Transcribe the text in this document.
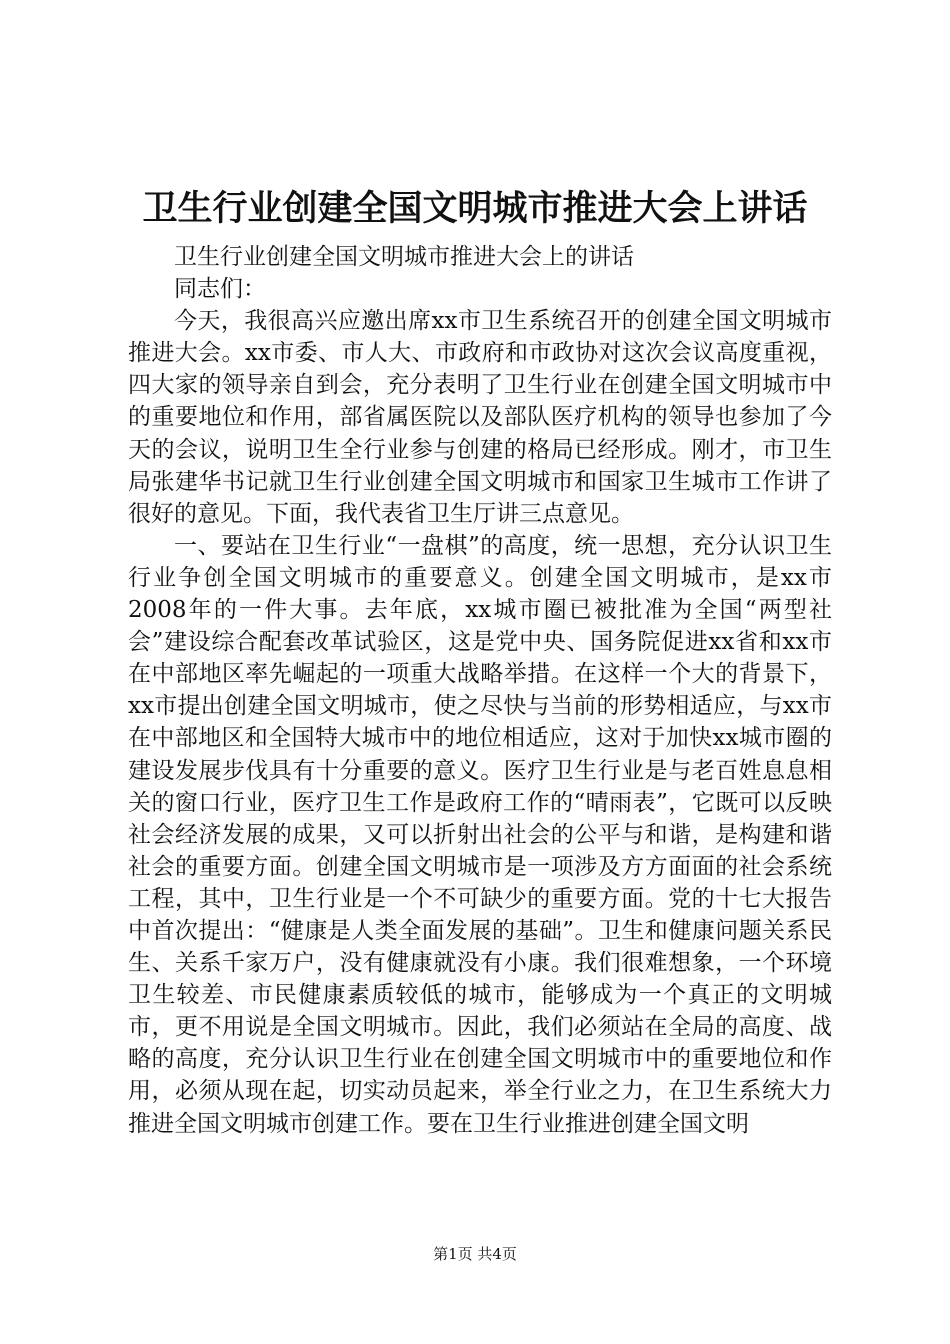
卫生行业创建全国文明城市推进大会上讲话

卫生行业创建全国文明城市推进大会上的讲话

同志们：

今天，我很高兴应邀出席xx市卫生系统召开的创建全国文明城市推进大会。xx市委、市人大、市政府和市政协对这次会议高度重视，四大家的领导亲自到会，充分表明了卫生行业在创建全国文明城市中的重要地位和作用，部省属医院以及部队医疗机构的领导也参加了今天的会议，说明卫生全行业参与创建的格局已经形成。刚才，市卫生局张建华书记就卫生行业创建全国文明城市和国家卫生城市工作讲了很好的意见。下面，我代表省卫生厅讲三点意见。

一、要站在卫生行业“一盘棋”的高度，统一思想，充分认识卫生行业争创全国文明城市的重要意义。创建全国文明城市，是xx市2008年的一件大事。去年底，xx城市圈已被批准为全国“两型社会”建设综合配套改革试验区，这是党中央、国务院促进xx省和xx市在中部地区率先崛起的一项重大战略举措。在这样一个大的背景下，xx市提出创建全国文明城市，使之尽快与当前的形势相适应，与xx市在中部地区和全国特大城市中的地位相适应，这对于加快xx城市圈的建设发展步伐具有十分重要的意义。医疗卫生行业是与老百姓息息相关的窗口行业，医疗卫生工作是政府工作的“晴雨表”，它既可以反映社会经济发展的成果，又可以折射出社会的公平与和谐，是构建和谐社会的重要方面。创建全国文明城市是一项涉及方方面面的社会系统工程，其中，卫生行业是一个不可缺少的重要方面。党的十七大报告中首次提出：“健康是人类全面发展的基础”。卫生和健康问题关系民生、关系千家万户，没有健康就没有小康。我们很难想象，一个环境卫生较差、市民健康素质较低的城市，能够成为一个真正的文明城市，更不用说是全国文明城市。因此，我们必须站在全局的高度、战略的高度，充分认识卫生行业在创建全国文明城市中的重要地位和作用，必须从现在起，切实动员起来，举全行业之力，在卫生系统大力推进全国文明城市创建工作。要在卫生行业推进创建全国文明

第1页 共4页
